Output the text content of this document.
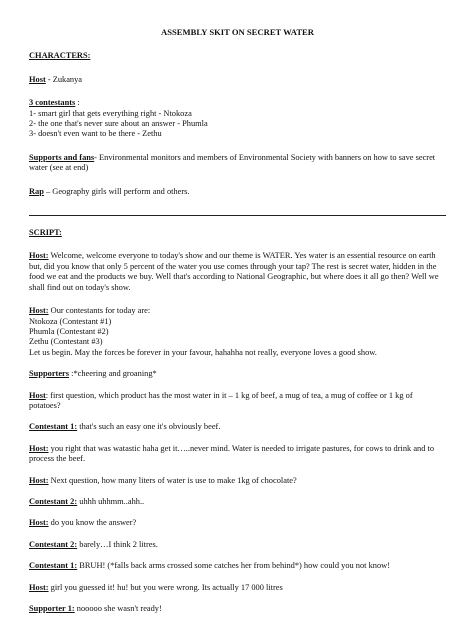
ASSEMBLY SKIT ON SECRET WATER

CHARACTERS:

Host - Zukanya

3 contestants :

1- smart girl that gets everything right - Ntokoza

2- the one that's never sure about an answer - Phumla

3- doesn't even want to be there - Zethu

Supports and fans- Environmental monitors and members of Environmental Society with banners on how to save secret water (see at end)

Rap – Geography girls will perform and others.

SCRIPT:

Host: Welcome, welcome everyone to today's show and our theme is WATER. Yes water is an essential resource on earth but, did you know that only 5 percent of the water you use comes through your tap? The rest is secret water, hidden in the food we eat and the products we buy. Well that's according to National Geographic, but where does it all go then? Well we shall find out on today's show.

Host: Our contestants for today are:

Ntokoza (Contestant #1)

Phumla (Contestant #2)

Zethu (Contestant #3)

Let us begin. May the forces be forever in your favour, hahahha not really, everyone loves a good show.

Supporters :*cheering and groaning*

Host: first question, which product has the most water in it – 1 kg of beef, a mug of tea, a mug of coffee or 1 kg of potatoes?

Contestant 1: that's such an easy one it's obviously beef.

Host: you right that was watastic haha get it…..never mind. Water is needed to irrigate pastures, for cows to drink and to process the beef.

Host: Next question, how many liters of water is use to make 1kg of chocolate?

Contestant 2: uhhh uhhmm..ahh..

Host: do you know the answer?

Contestant 2: barely…I think 2 litres.

Contestant 1: BRUH! (*falls back arms crossed some catches her from behind*) how could you not know!

Host: girl you guessed it! hu! but you were wrong. Its actually 17 000 litres

Supporter 1: nooooo she wasn't ready!
